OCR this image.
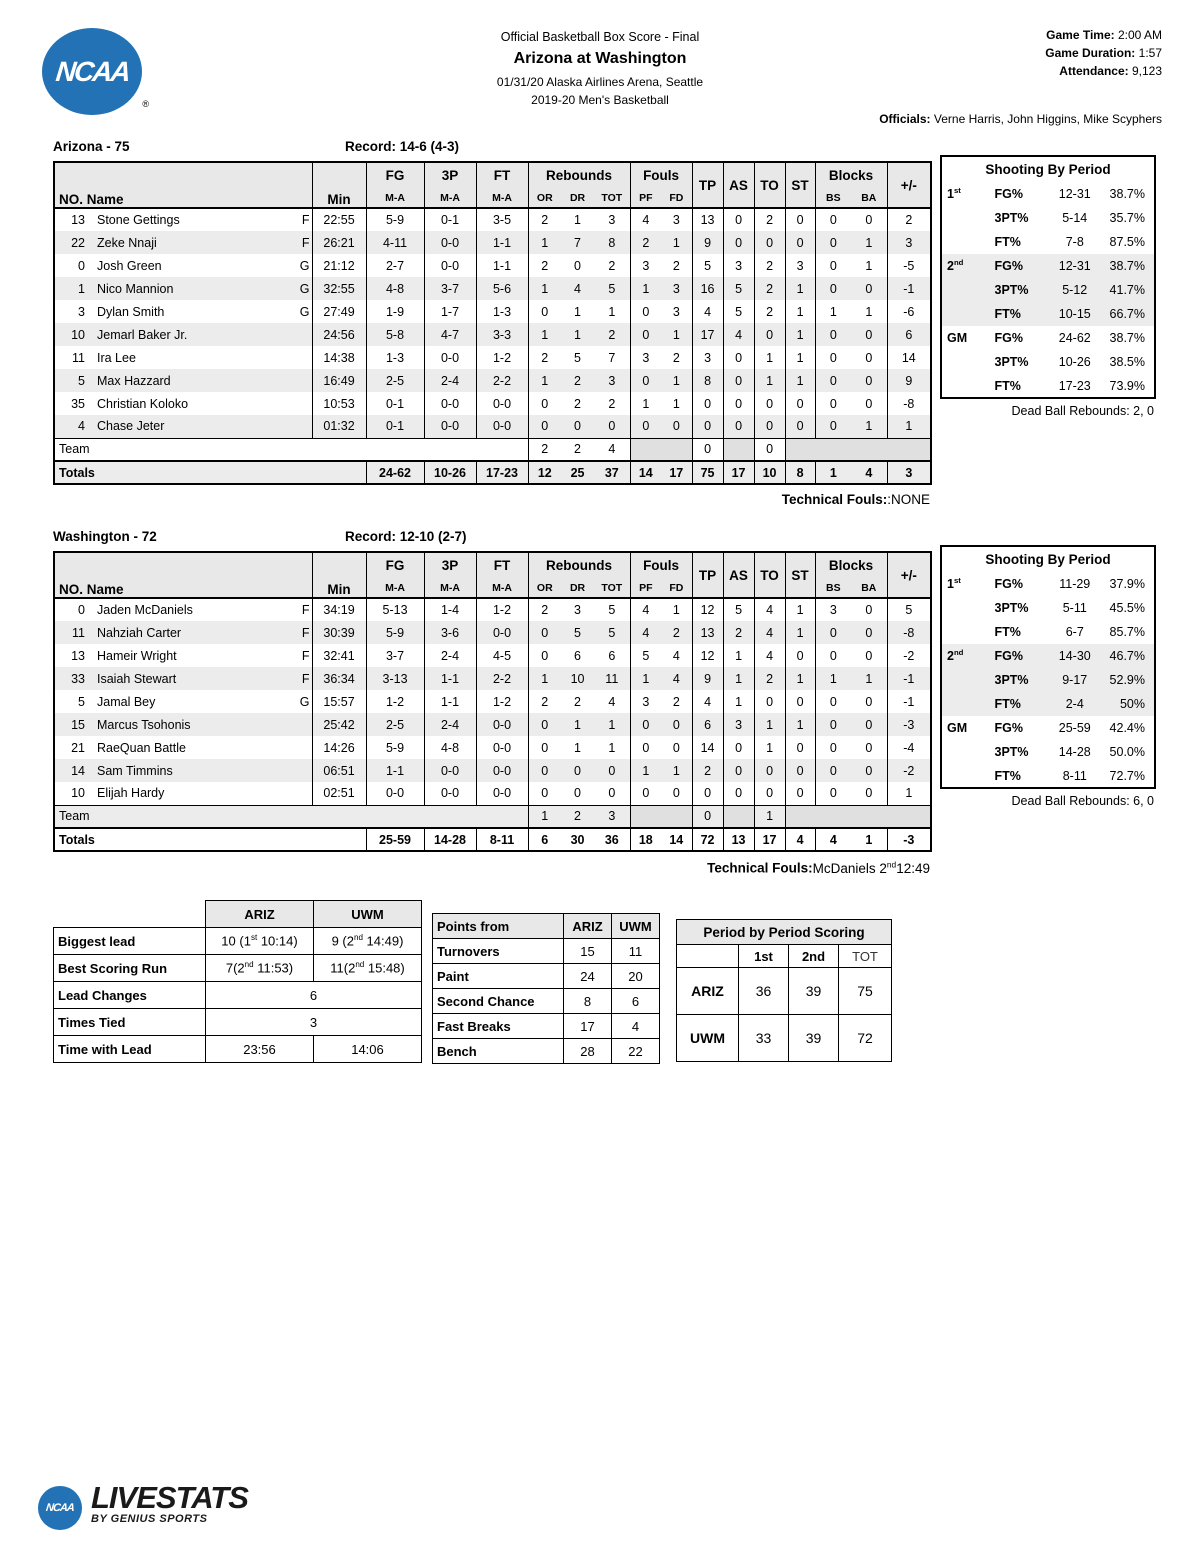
NCAA
®
Official Basketball Box Score - Final
Arizona at Washington
01/31/20 Alaska Airlines Arena, Seattle
2019-20 Men's Basketball
Game Time: 2:00 AM
Game Duration: 1:57
Attendance: 9,123
Officials: Verne Harris, John Higgins, Mike Scyphers
Arizona - 75	Record: 14-6 (4-3)
NO. Name			Min	FG	3P	FT	Rebounds			Fouls		TP	AS	TO	ST	Blocks		+/-
				M-A	M-A	M-A	OR	DR	TOT	PF	FD					BS	BA	
13	Stone Gettings	F	22:55	5-9	0-1	3-5	2	1	3	4	3	13	0	2	0	0	0	2
22	Zeke Nnaji	F	26:21	4-11	0-0	1-1	1	7	8	2	1	9	0	0	0	0	1	3
0	Josh Green	G	21:12	2-7	0-0	1-1	2	0	2	3	2	5	3	2	3	0	1	-5
1	Nico Mannion	G	32:55	4-8	3-7	5-6	1	4	5	1	3	16	5	2	1	0	0	-1
3	Dylan Smith	G	27:49	1-9	1-7	1-3	0	1	1	0	3	4	5	2	1	1	1	-6
10	Jemarl Baker Jr.		24:56	5-8	4-7	3-3	1	1	2	0	1	17	4	0	1	0	0	6
11	Ira Lee		14:38	1-3	0-0	1-2	2	5	7	3	2	3	0	1	1	0	0	14
5	Max Hazzard		16:49	2-5	2-4	2-2	1	2	3	0	1	8	0	1	1	0	0	9
35	Christian Koloko		10:53	0-1	0-0	0-0	0	2	2	1	1	0	0	0	0	0	0	-8
4	Chase Jeter		01:32	0-1	0-0	0-0	0	0	0	0	0	0	0	0	0	0	1	1
Team							2	2	4			0		0				
Totals				24-62	10-26	17-23	12	25	37	14	17	75	17	10	8	1	4	3
Technical Fouls::NONE
Shooting By Period			
1st	FG%	12-31	38.7%
	3PT%	5-14	35.7%
	FT%	7-8	87.5%
2nd	FG%	12-31	38.7%
	3PT%	5-12	41.7%
	FT%	10-15	66.7%
GM	FG%	24-62	38.7%
	3PT%	10-26	38.5%
	FT%	17-23	73.9%
Dead Ball Rebounds: 2, 0
Washington - 72	Record: 12-10 (2-7)
NO. Name			Min	FG	3P	FT	Rebounds			Fouls		TP	AS	TO	ST	Blocks		+/-
				M-A	M-A	M-A	OR	DR	TOT	PF	FD					BS	BA	
0	Jaden McDaniels	F	34:19	5-13	1-4	1-2	2	3	5	4	1	12	5	4	1	3	0	5
11	Nahziah Carter	F	30:39	5-9	3-6	0-0	0	5	5	4	2	13	2	4	1	0	0	-8
13	Hameir Wright	F	32:41	3-7	2-4	4-5	0	6	6	5	4	12	1	4	0	0	0	-2
33	Isaiah Stewart	F	36:34	3-13	1-1	2-2	1	10	11	1	4	9	1	2	1	1	1	-1
5	Jamal Bey	G	15:57	1-2	1-1	1-2	2	2	4	3	2	4	1	0	0	0	0	-1
15	Marcus Tsohonis		25:42	2-5	2-4	0-0	0	1	1	0	0	6	3	1	1	0	0	-3
21	RaeQuan Battle		14:26	5-9	4-8	0-0	0	1	1	0	0	14	0	1	0	0	0	-4
14	Sam Timmins		06:51	1-1	0-0	0-0	0	0	0	1	1	2	0	0	0	0	0	-2
10	Elijah Hardy		02:51	0-0	0-0	0-0	0	0	0	0	0	0	0	0	0	0	0	1
Team							1	2	3			0		1				
Totals				25-59	14-28	8-11	6	30	36	18	14	72	13	17	4	4	1	-3
Technical Fouls:McDaniels 2nd12:49
Shooting By Period			
1st	FG%	11-29	37.9%
	3PT%	5-11	45.5%
	FT%	6-7	85.7%
2nd	FG%	14-30	46.7%
	3PT%	9-17	52.9%
	FT%	2-4	50%
GM	FG%	25-59	42.4%
	3PT%	14-28	50.0%
	FT%	8-11	72.7%
Dead Ball Rebounds: 6, 0
	ARIZ	UWM
Biggest lead	10 (1st 10:14)	9 (2nd 14:49)
Best Scoring Run	7(2nd 11:53)	11(2nd 15:48)
Lead Changes	6	
Times Tied	3	
Time with Lead	23:56	14:06
Points from	ARIZ	UWM
Turnovers	15	11
Paint	24	20
Second Chance	8	6
Fast Breaks	17	4
Bench	28	22
Period by Period Scoring			
	1st	2nd	TOT
ARIZ	36	39	75
UWM	33	39	72
NCAA LIVESTATS
BY GENIUS SPORTS
